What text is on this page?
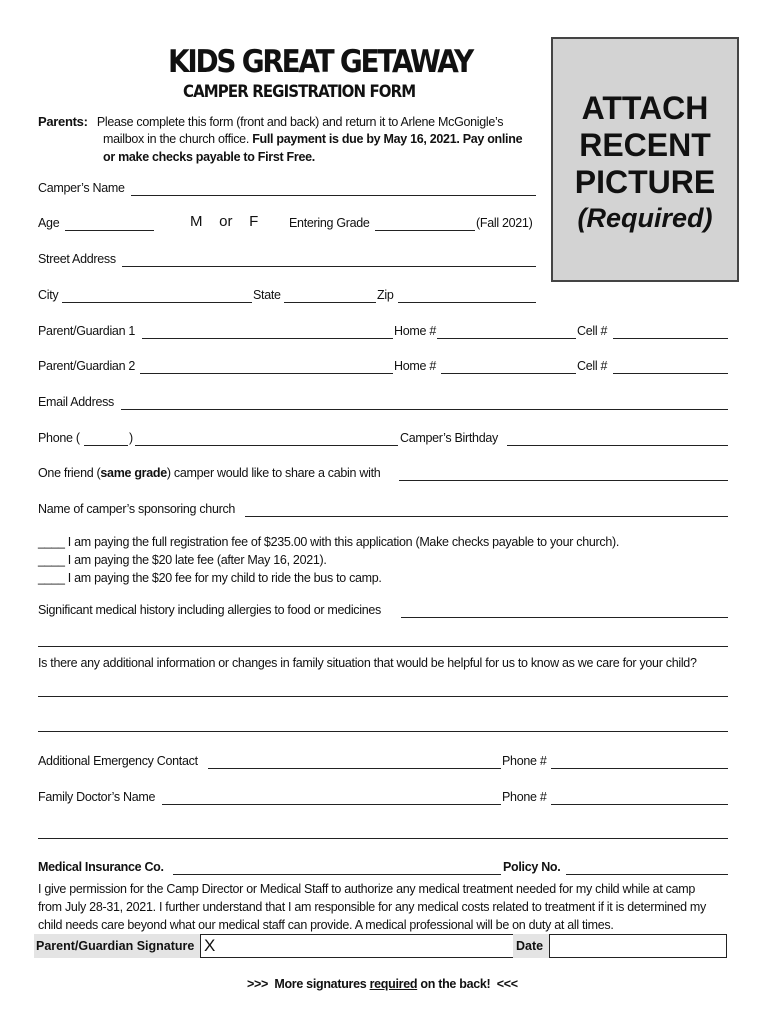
KIDS GREAT GETAWAY
CAMPER REGISTRATION FORM
Parents: Please complete this form (front and back) and return it to Arlene McGonigle’s
mailbox in the church office. Full payment is due by May 16, 2021. Pay online
or make checks payable to First Free.
ATTACH
RECENT
PICTURE
(Required)
Camper’s Name
Age	M    or    F Entering Grade	(Fall 2021)
Street Address
City	State	Zip
Parent/Guardian 1	Home #	Cell #
Parent/Guardian 2	Home #	Cell #
Email Address
Phone (	)	Camper’s Birthday
One friend (same grade) camper would like to share a cabin with
Name of camper’s sponsoring church
____ I am paying the full registration fee of $235.00 with this application (Make checks payable to your church).
____ I am paying the $20 late fee (after May 16, 2021).
____ I am paying the $20 fee for my child to ride the bus to camp.
Significant medical history including allergies to food or medicines
Is there any additional information or changes in family situation that would be helpful for us to know as we care for your child?
Additional Emergency Contact	Phone #
Family Doctor’s Name	Phone #
Medical Insurance Co.	Policy No.
I give permission for the Camp Director or Medical Staff to authorize any medical treatment needed for my child while at camp
from July 28-31, 2021. I further understand that I am responsible for any medical costs related to treatment if it is determined my
child needs care beyond what our medical staff can provide. A medical professional will be on duty at all times.
Parent/Guardian Signature X	Date
>>>  More signatures required on the back!  <<<
